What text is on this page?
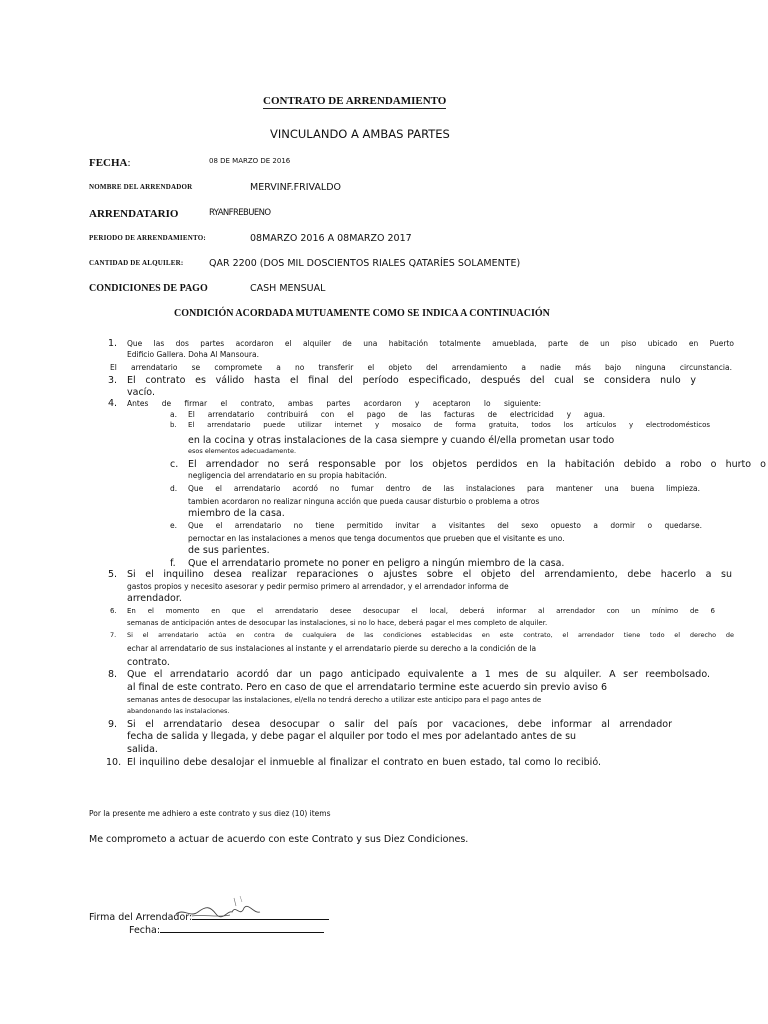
CONTRATO DE ARRENDAMIENTO
VINCULANDO A AMBAS PARTES
FECHA:	08 DE MARZO DE 2016
NOMBRE DEL ARRENDADOR	MERVINF.FRIVALDO
ARRENDATARIO	RYANFREBUENO
PERIODO DE ARRENDAMIENTO:	08MARZO 2016 A 08MARZO 2017
CANTIDAD DE ALQUILER:	QAR 2200 (DOS MIL DOSCIENTOS RIALES QATARÍES SOLAMENTE)
CONDICIONES DE PAGO	CASH MENSUAL
CONDICIÓN ACORDADA MUTUAMENTE COMO SE INDICA A CONTINUACIÓN
1. Que las dos partes acordaron el alquiler de una habitación totalmente amueblada, parte de un piso ubicado en Puerto
Edificio Gallera. Doha Al Mansoura.
El arrendatario se compromete a no transferir el objeto del arrendamiento a nadie más bajo ninguna circunstancia.
3. El contrato es válido hasta el final del período especificado, después del cual se considera nulo y
vacío.
4. Antes de firmar el contrato, ambas partes acordaron y aceptaron lo siguiente:
a. El arrendatario contribuirá con el pago de las facturas de electricidad y agua.
b. El arrendatario puede utilizar internet y mosaico de forma gratuita, todos los artículos y electrodomésticos
en la cocina y otras instalaciones de la casa siempre y cuando él/ella prometan usar todo
esos elementos adecuadamente.
c. El arrendador no será responsable por los objetos perdidos en la habitación debido a robo o hurto o
negligencia del arrendatario en su propia habitación.
d. Que el arrendatario acordó no fumar dentro de las instalaciones para mantener una buena limpieza.
tambien acordaron no realizar ninguna acción que pueda causar disturbio o problema a otros
miembro de la casa.
e. Que el arrendatario no tiene permitido invitar a visitantes del sexo opuesto a dormir o quedarse.
pernoctar en las instalaciones a menos que tenga documentos que prueben que el visitante es uno.
de sus parientes.
f. Que el arrendatario promete no poner en peligro a ningún miembro de la casa.
5. Si el inquilino desea realizar reparaciones o ajustes sobre el objeto del arrendamiento, debe hacerlo a su
gastos propios y necesito asesorar y pedir permiso primero al arrendador, y el arrendador informa de
arrendador.
6. En el momento en que el arrendatario desee desocupar el local, deberá informar al arrendador con un mínimo de 6
semanas de anticipación antes de desocupar las instalaciones, si no lo hace, deberá pagar el mes completo de alquiler.
7. Si el arrendatario actúa en contra de cualquiera de las condiciones establecidas en este contrato, el arrendador tiene todo el derecho de
echar al arrendatario de sus instalaciones al instante y el arrendatario pierde su derecho a la condición de la
contrato.
8. Que el arrendatario acordó dar un pago anticipado equivalente a 1 mes de su alquiler. A ser reembolsado.
al final de este contrato. Pero en caso de que el arrendatario termine este acuerdo sin previo aviso 6
semanas antes de desocupar las instalaciones, el/ella no tendrá derecho a utilizar este anticipo para el pago antes de
abandonando las instalaciones.
9. Si el arrendatario desea desocupar o salir del país por vacaciones, debe informar al arrendador
fecha de salida y llegada, y debe pagar el alquiler por todo el mes por adelantado antes de su
salida.
10. El inquilino debe desalojar el inmueble al finalizar el contrato en buen estado, tal como lo recibió.
Por la presente me adhiero a este contrato y sus diez (10) items
Me comprometo a actuar de acuerdo con este Contrato y sus Diez Condiciones.
Firma del Arrendador:
Fecha:
